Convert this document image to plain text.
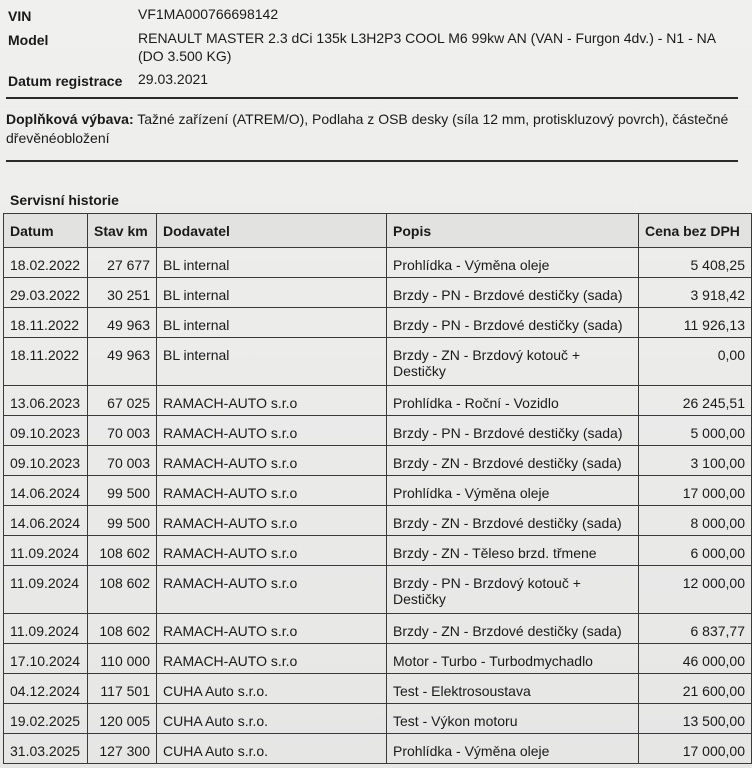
VIN	VF1MA000766698142
Model	RENAULT MASTER 2.3 dCi 135k L3H2P3 COOL M6 99kw AN (VAN - Furgon 4dv.) - N1 - NA
(DO 3.500 KG)
Datum registrace 29.03.2021
Doplňková výbava: Tažné zařízení (ATREM/O), Podlaha z OSB desky (síla 12 mm, protiskluzový povrch), částečné dřevěnéobložení
Servisní historie
Datum	Stav km	Dodavatel	Popis	Cena bez DPH
18.02.2022	27 677	BL internal	Prohlídka - Výměna oleje	5 408,25
29.03.2022	30 251	BL internal	Brzdy - PN - Brzdové destičky (sada)	3 918,42
18.11.2022	49 963	BL internal	Brzdy - PN - Brzdové destičky (sada)	11 926,13
18.11.2022	49 963	BL internal	Brzdy - ZN - Brzdový kotouč + Destičky	0,00
13.06.2023	67 025	RAMACH-AUTO s.r.o	Prohlídka - Roční - Vozidlo	26 245,51
09.10.2023	70 003	RAMACH-AUTO s.r.o	Brzdy - PN - Brzdové destičky (sada)	5 000,00
09.10.2023	70 003	RAMACH-AUTO s.r.o	Brzdy - ZN - Brzdové destičky (sada)	3 100,00
14.06.2024	99 500	RAMACH-AUTO s.r.o	Prohlídka - Výměna oleje	17 000,00
14.06.2024	99 500	RAMACH-AUTO s.r.o	Brzdy - ZN - Brzdové destičky (sada)	8 000,00
11.09.2024	108 602	RAMACH-AUTO s.r.o	Brzdy - ZN - Těleso brzd. třmene	6 000,00
11.09.2024	108 602	RAMACH-AUTO s.r.o	Brzdy - PN - Brzdový kotouč + Destičky	12 000,00
11.09.2024	108 602	RAMACH-AUTO s.r.o	Brzdy - ZN - Brzdové destičky (sada)	6 837,77
17.10.2024	110 000	RAMACH-AUTO s.r.o	Motor - Turbo - Turbodmychadlo	46 000,00
04.12.2024	117 501	CUHA Auto s.r.o.	Test - Elektrosoustava	21 600,00
19.02.2025	120 005	CUHA Auto s.r.o.	Test - Výkon motoru	13 500,00
31.03.2025	127 300	CUHA Auto s.r.o.	Prohlídka - Výměna oleje	17 000,00
